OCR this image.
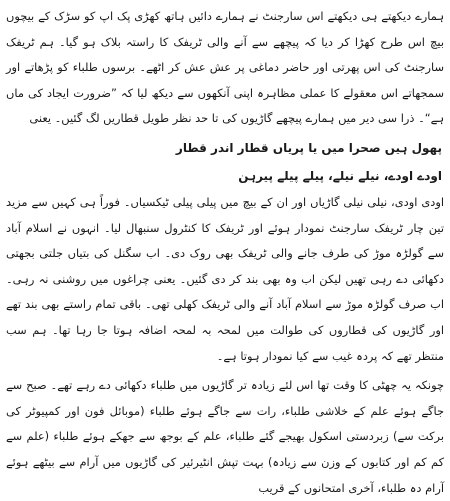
ہمارے دیکھتے ہی دیکھتے اس سارجنٹ نے ہمارے دائیں ہاتھ کھڑی پک اپ کو سڑک کے بیچوں بیچ اس طرح کھڑا کر دیا کہ پیچھے سے آنے والی ٹریفک کا راستہ بلاک ہو گیا۔ ہم ٹریفک سارجنٹ کی اس پھرتی اور حاضر دماغی پر عش عش کر اٹھے۔ برسوں طلباء کو پڑھاتے اور سمجھاتے اس معقولے کا عملی مظاہرہ اپنی آنکھوں سے دیکھ لیا کہ ”ضرورت ایجاد کی ماں ہے“۔ ذرا سی دیر میں ہمارے پیچھے گاڑیوں کی تا حد نظر طویل قطاریں لگ گئیں۔ یعنی

پھول ہیں صحرا میں یا پریاں قطار اندر قطار

اودے اودے، نیلے نیلے، پیلے پیلے پیرہن

اودی اودی، نیلی نیلی گاڑیاں اور ان کے بیچ میں پیلی پیلی ٹیکسیاں۔ فوراً ہی کہیں سے مزید تین چار ٹریفک سارجنٹ نمودار ہوئے اور ٹریفک کا کنٹرول سنبھال لیا۔ انہوں نے اسلام آباد سے گولڑہ موڑ کی طرف جانے والی ٹریفک بھی روک دی۔ اب سگنل کی بتیاں جلتی بجھتی دکھائی دے رہی تھیں لیکن اب وہ بھی بند کر دی گئیں۔ یعنی چراغوں میں روشنی نہ رہی۔ اب صرف گولڑہ موڑ سے اسلام آباد آنے والی ٹریفک کھلی تھی۔ باقی تمام راستے بھی بند تھے اور گاڑیوں کی قطاروں کی طوالت میں لمحہ بہ لمحہ اضافہ ہوتا جا رہا تھا۔ ہم سب منتظر تھے کہ پردہ غیب سے کیا نمودار ہوتا ہے۔

چونکہ یہ چھٹی کا وقت تھا اس لئے زیادہ تر گاڑیوں میں طلباء دکھائی دے رہے تھے۔ صبح سے جاگے ہوئے علم کے خلاشی طلباء، رات سے جاگے ہوئے طلباء (موبائل فون اور کمپیوٹر کی برکت سے) زبردستی اسکول بھیجے گئے طلباء، علم کے بوجھ سے جھکے ہوئے طلباء (علم سے کم کم اور کتابوں کے وزن سے زیادہ) بہت تپش انٹیرئیر کی گاڑیوں میں آرام سے بیٹھے ہوئے آرام دہ طلباء، آخری امتحانوں کے قریب
